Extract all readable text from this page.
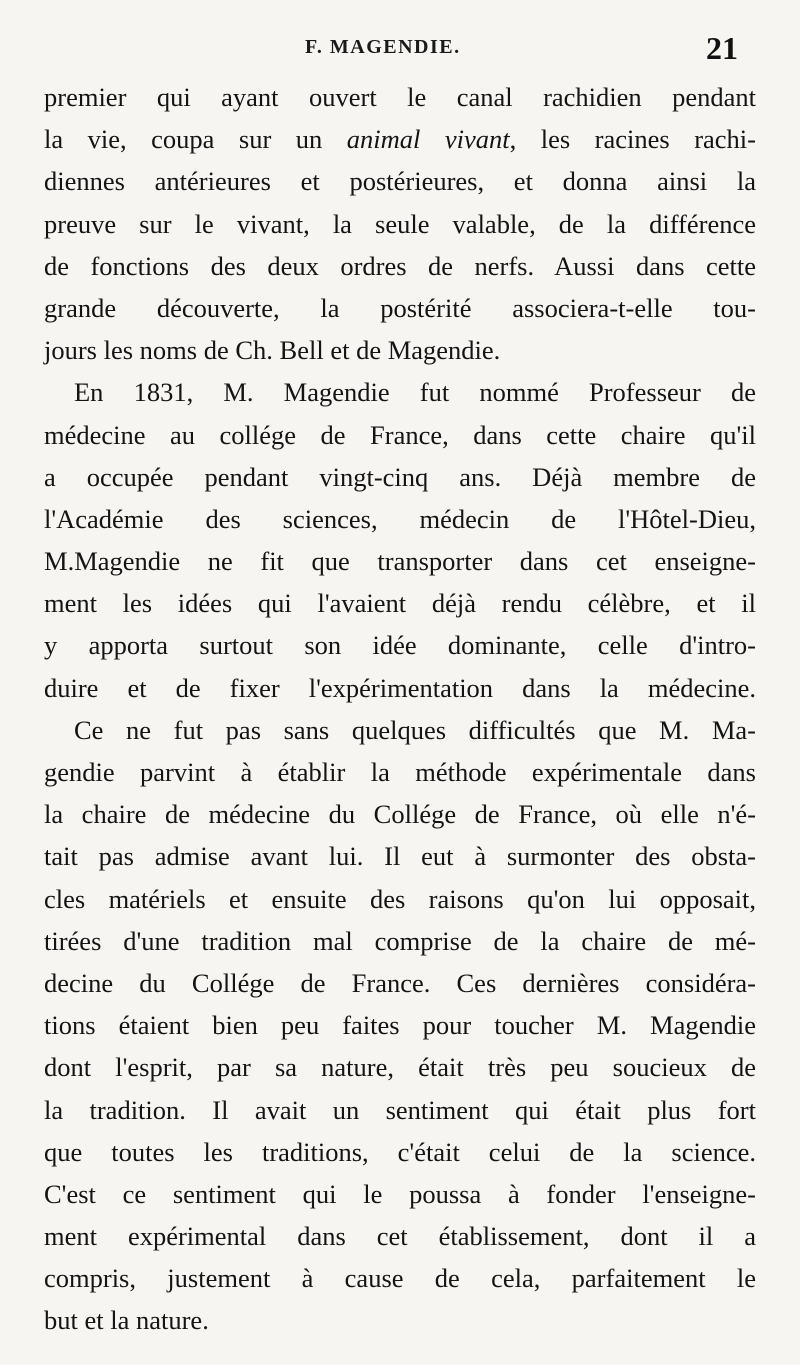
F. MAGENDIE.	21
premier qui ayant ouvert le canal rachidien pendant
la vie, coupa sur un animal vivant, les racines rachi-
diennes antérieures et postérieures, et donna ainsi la
preuve sur le vivant, la seule valable, de la différence
de fonctions des deux ordres de nerfs. Aussi dans cette
grande découverte, la postérité associera-t-elle tou-
jours les noms de Ch. Bell et de Magendie.
En 1831, M. Magendie fut nommé Professeur de
médecine au collége de France, dans cette chaire qu'il
a occupée pendant vingt-cinq ans. Déjà membre de
l'Académie des sciences, médecin de l'Hôtel-Dieu,
M.Magendie ne fit que transporter dans cet enseigne-
ment les idées qui l'avaient déjà rendu célèbre, et il
y apporta surtout son idée dominante, celle d'intro-
duire et de fixer l'expérimentation dans la médecine.
Ce ne fut pas sans quelques difficultés que M. Ma-
gendie parvint à établir la méthode expérimentale dans
la chaire de médecine du Collége de France, où elle n'é-
tait pas admise avant lui. Il eut à surmonter des obsta-
cles matériels et ensuite des raisons qu'on lui opposait,
tirées d'une tradition mal comprise de la chaire de mé-
decine du Collége de France. Ces dernières considéra-
tions étaient bien peu faites pour toucher M. Magendie
dont l'esprit, par sa nature, était très peu soucieux de
la tradition. Il avait un sentiment qui était plus fort
que toutes les traditions, c'était celui de la science.
C'est ce sentiment qui le poussa à fonder l'enseigne-
ment expérimental dans cet établissement, dont il a
compris, justement à cause de cela, parfaitement le
but et la nature.
